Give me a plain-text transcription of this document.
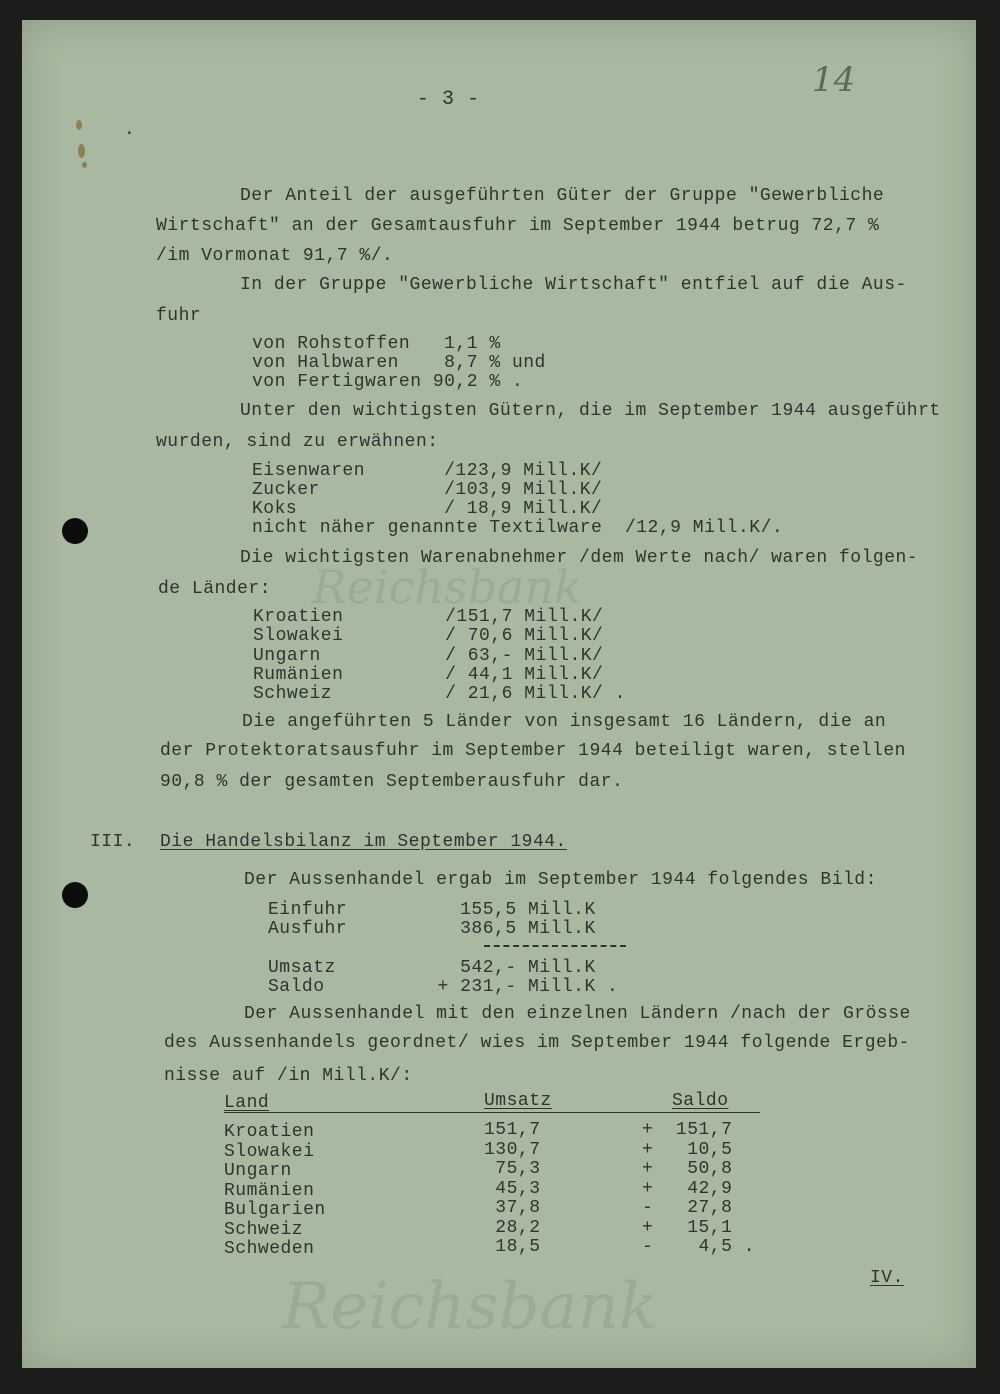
Reichsbank
Reichsbank
14
- 3 -
.
Der Anteil der ausgeführten Güter der Gruppe "Gewerbliche
Wirtschaft" an der Gesamtausfuhr im September 1944 betrug 72,7 %
/im Vormonat 91,7 %/.
In der Gruppe "Gewerbliche Wirtschaft" entfiel auf die Aus-
fuhr
von Rohstoffen   1,1 %
von Halbwaren    8,7 % und
von Fertigwaren 90,2 % .
Unter den wichtigsten Gütern, die im September 1944 ausgeführt
wurden, sind zu erwähnen:
Eisenwaren       /123,9 Mill.K/
Zucker           /103,9 Mill.K/
Koks             / 18,9 Mill.K/
nicht näher genannte Textilware  /12,9 Mill.K/.
Die wichtigsten Warenabnehmer /dem Werte nach/ waren folgen-
de Länder:
Kroatien         /151,7 Mill.K/
Slowakei         / 70,6 Mill.K/
Ungarn           / 63,- Mill.K/
Rumänien         / 44,1 Mill.K/
Schweiz          / 21,6 Mill.K/ .
Die angeführten 5 Länder von insgesamt 16 Ländern, die an
der Protektoratsausfuhr im September 1944 beteiligt waren, stellen
90,8 % der gesamten Septemberausfuhr dar.
III. Die Handelsbilanz im September 1944.
Der Aussenhandel ergab im September 1944 folgendes Bild:
Einfuhr          155,5 Mill.K
Ausfuhr          386,5 Mill.K
Umsatz           542,- Mill.K
Saldo          + 231,- Mill.K .
Der Aussenhandel mit den einzelnen Ländern /nach der Grösse
des Aussenhandels geordnet/ wies im September 1944 folgende Ergeb-
nisse auf /in Mill.K/:
Land	Umsatz	Saldo
Kroatien	151,7	+  151,7
Slowakei	130,7	+   10,5
Ungarn	75,3	+   50,8
Rumänien	45,3	+   42,9
Bulgarien	37,8	-   27,8
Schweiz	28,2	+   15,1
Schweden	18,5	-    4,5 .
IV.
